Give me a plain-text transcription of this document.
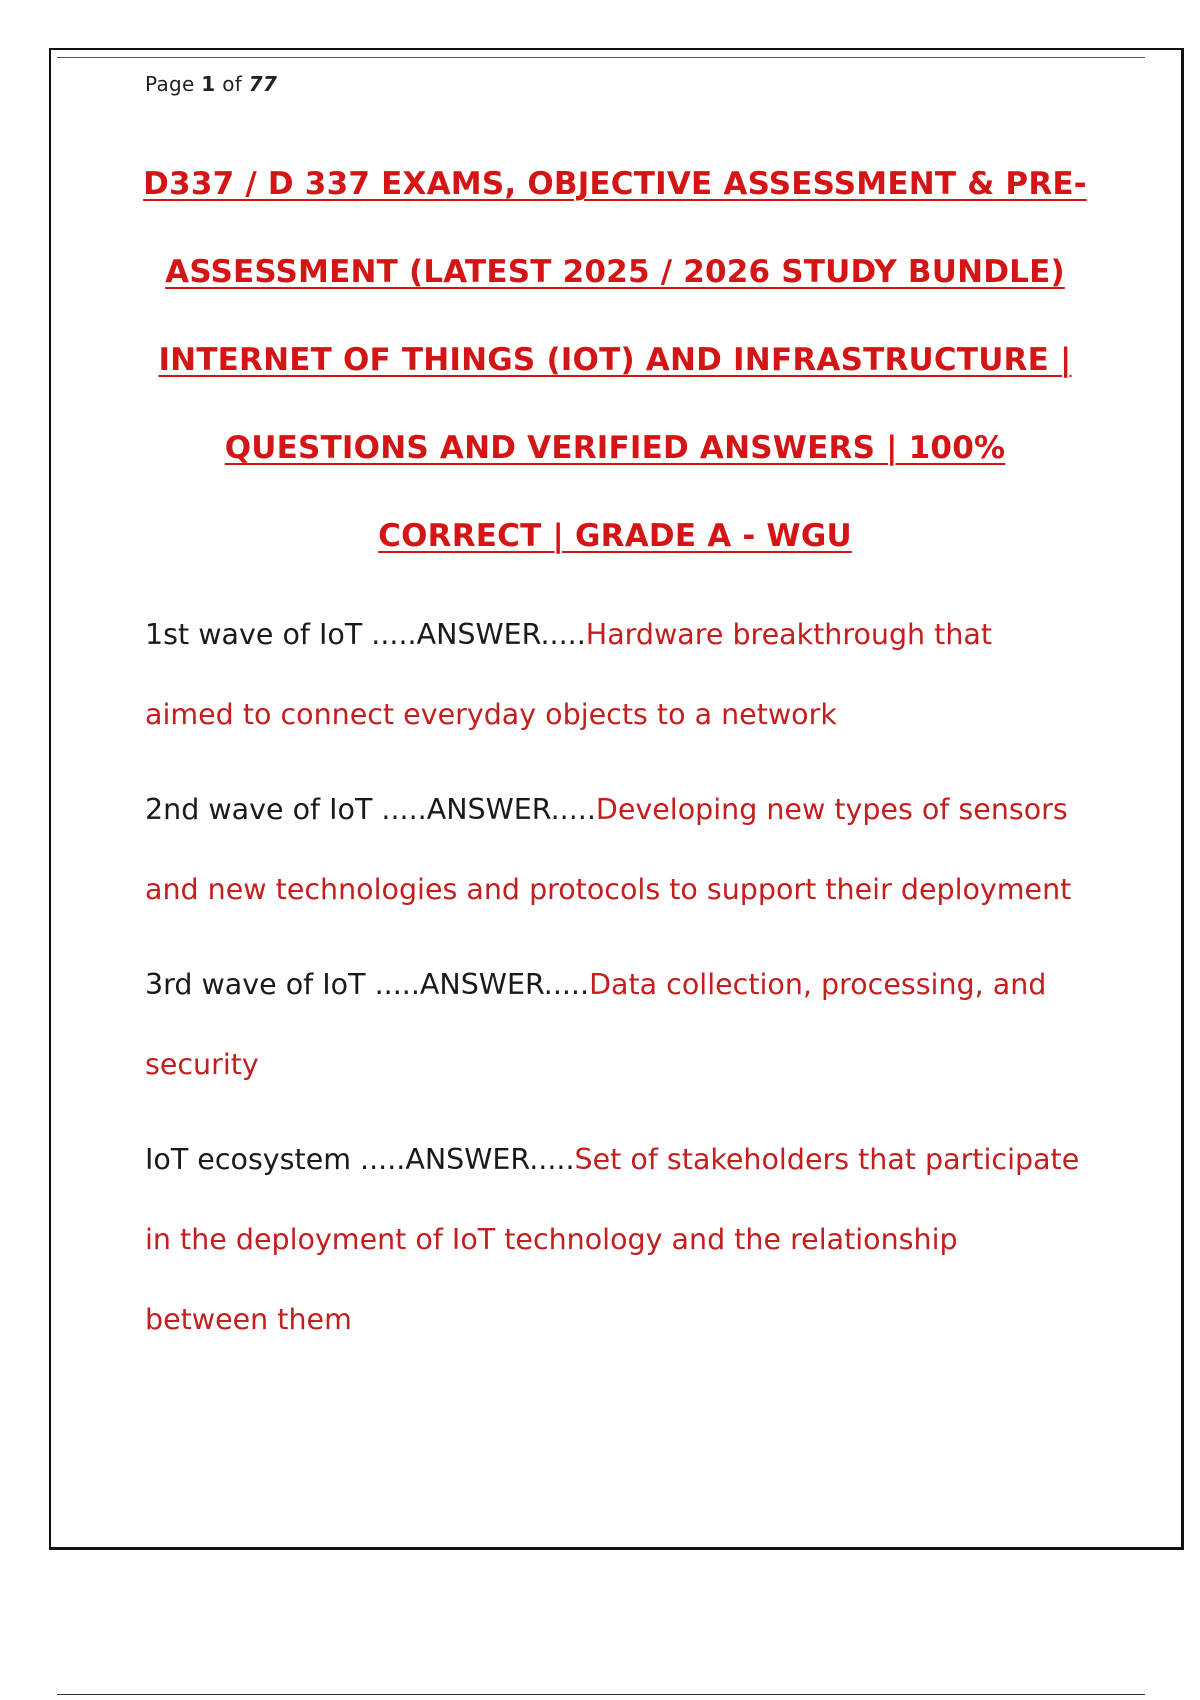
Page 1 of 77
D337 / D 337 EXAMS, OBJECTIVE ASSESSMENT & PRE-
ASSESSMENT (LATEST 2025 / 2026 STUDY BUNDLE)
INTERNET OF THINGS (IOT) AND INFRASTRUCTURE |
QUESTIONS AND VERIFIED ANSWERS | 100%
CORRECT | GRADE A - WGU
1st wave of IoT .....ANSWER.....Hardware breakthrough that
aimed to connect everyday objects to a network
2nd wave of IoT .....ANSWER.....Developing new types of sensors
and new technologies and protocols to support their deployment
3rd wave of IoT .....ANSWER.....Data collection, processing, and
security
IoT ecosystem .....ANSWER.....Set of stakeholders that participate
in the deployment of IoT technology and the relationship
between them
